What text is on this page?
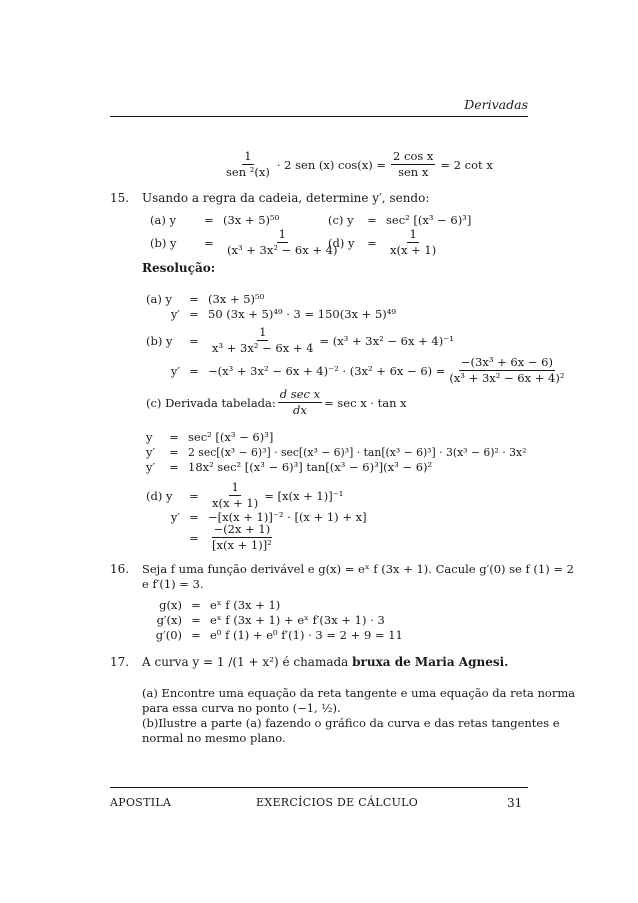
Derivadas
$\frac{1}{\text{sen ²(x)}} \cdot 2$ sen (x) $\cos(x) = \frac{\text{2 cos x}}{\text{sen x}} = 2$ cot x
15. Usando a regra da cadeia, determine y′, sendo:
(a) y = (3x + 5)⁵⁰	(c) y = sec² [(x³ − 6)³]
(b) y	= $\frac{1}{\text{(x³ + 3x² − 6x + 4)}}$
(d) y	= $\frac{1}{x(x + 1)}$
Resolução:
(a) y = (3x + 5)⁵⁰
y′ = 50 (3x + 5)⁴⁹ · 3 = 150(3x + 5)⁴⁹
(b) y	= $\frac{1}{\text{x³ + 3x² − 6x + 4}} = (x^3 + 3x^2 - 6x + 4)^{-1}$
$y' = -(x^3 + 3x^2 - 6x + 4)^{-2} \cdot (3x^2 + 6x - 6) = \frac{\text{−(3x³ + 6x − 6)}}{\text{(x³ + 3x² − 6x + 4)²}}$
(c) Derivada tabelada: $\frac{\text{d sec x}}{dx} = \sec x \cdot \tan x$
y = sec² [(x³ − 6)³]
y′ = 2 sec[(x³ − 6)³] · sec[(x³ − 6)³] · tan[(x³ − 6)³] · 3(x³ − 6)² · 3x²
y′ = 18x² sec² [(x³ − 6)³] tan[(x³ − 6)³](x³ − 6)²
(d) y	= $\frac{1}{x(x + 1)} = [x(x + 1)]^{-1}$
y′ = −[x(x + 1)]⁻² · [(x + 1) + x]
= $\frac{-(2x + 1)}{\text{[x(x + 1)]²}}$
16. Seja f uma função derivável e g(x) = eˣ f (3x + 1). Cacule g′(0) se f (1) = 2
e f′(1) = 3.
g(x) = eˣ f (3x + 1)
g′(x) = eˣ f (3x + 1) + eˣ f′(3x + 1) · 3
g′(0) = e⁰ f (1) + e⁰ f′(1) · 3 = 2 + 9 = 11
17. A curva y = 1 /(1 + x²) é chamada bruxa de Maria Agnesi.
(a) Encontre uma equação da reta tangente e uma equação da reta norma
para essa curva no ponto (−1, ½).
(b)Ilustre a parte (a) fazendo o gráfico da curva e das retas tangentes e
normal no mesmo plano.
APOSTILA	EXERCÍCIOS DE CÁLCULO	31
